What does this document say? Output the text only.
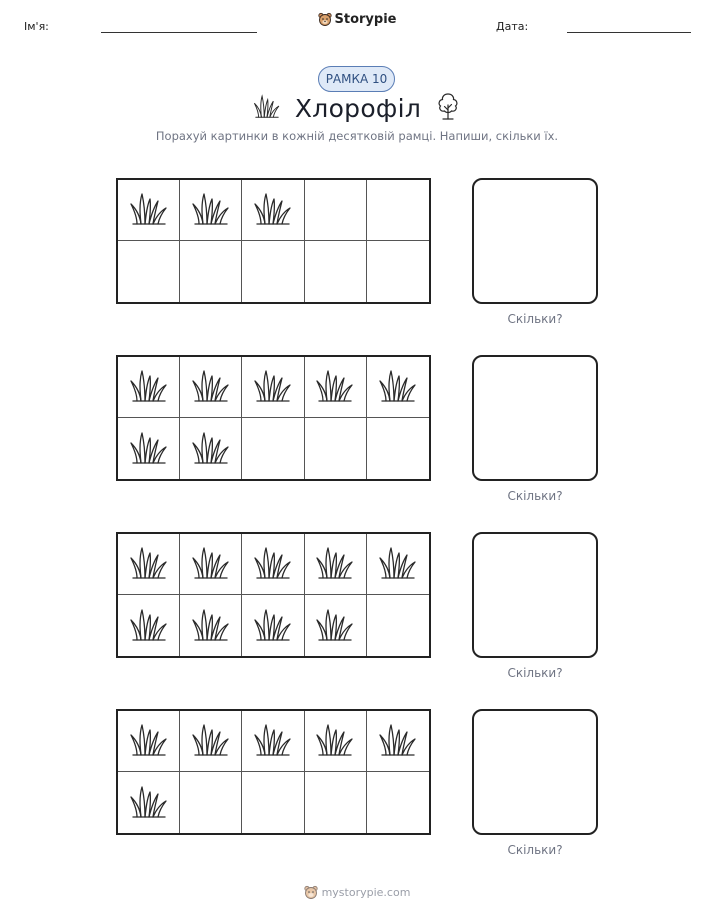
Ім'я:	Storypie	Дата:
РАМКА 10
Хлорофіл
Порахуй картинки в кожній десятковій рамці. Напиши, скільки їх.
Скільки?
Скільки?
Скільки?
Скільки?
mystorypie.com
